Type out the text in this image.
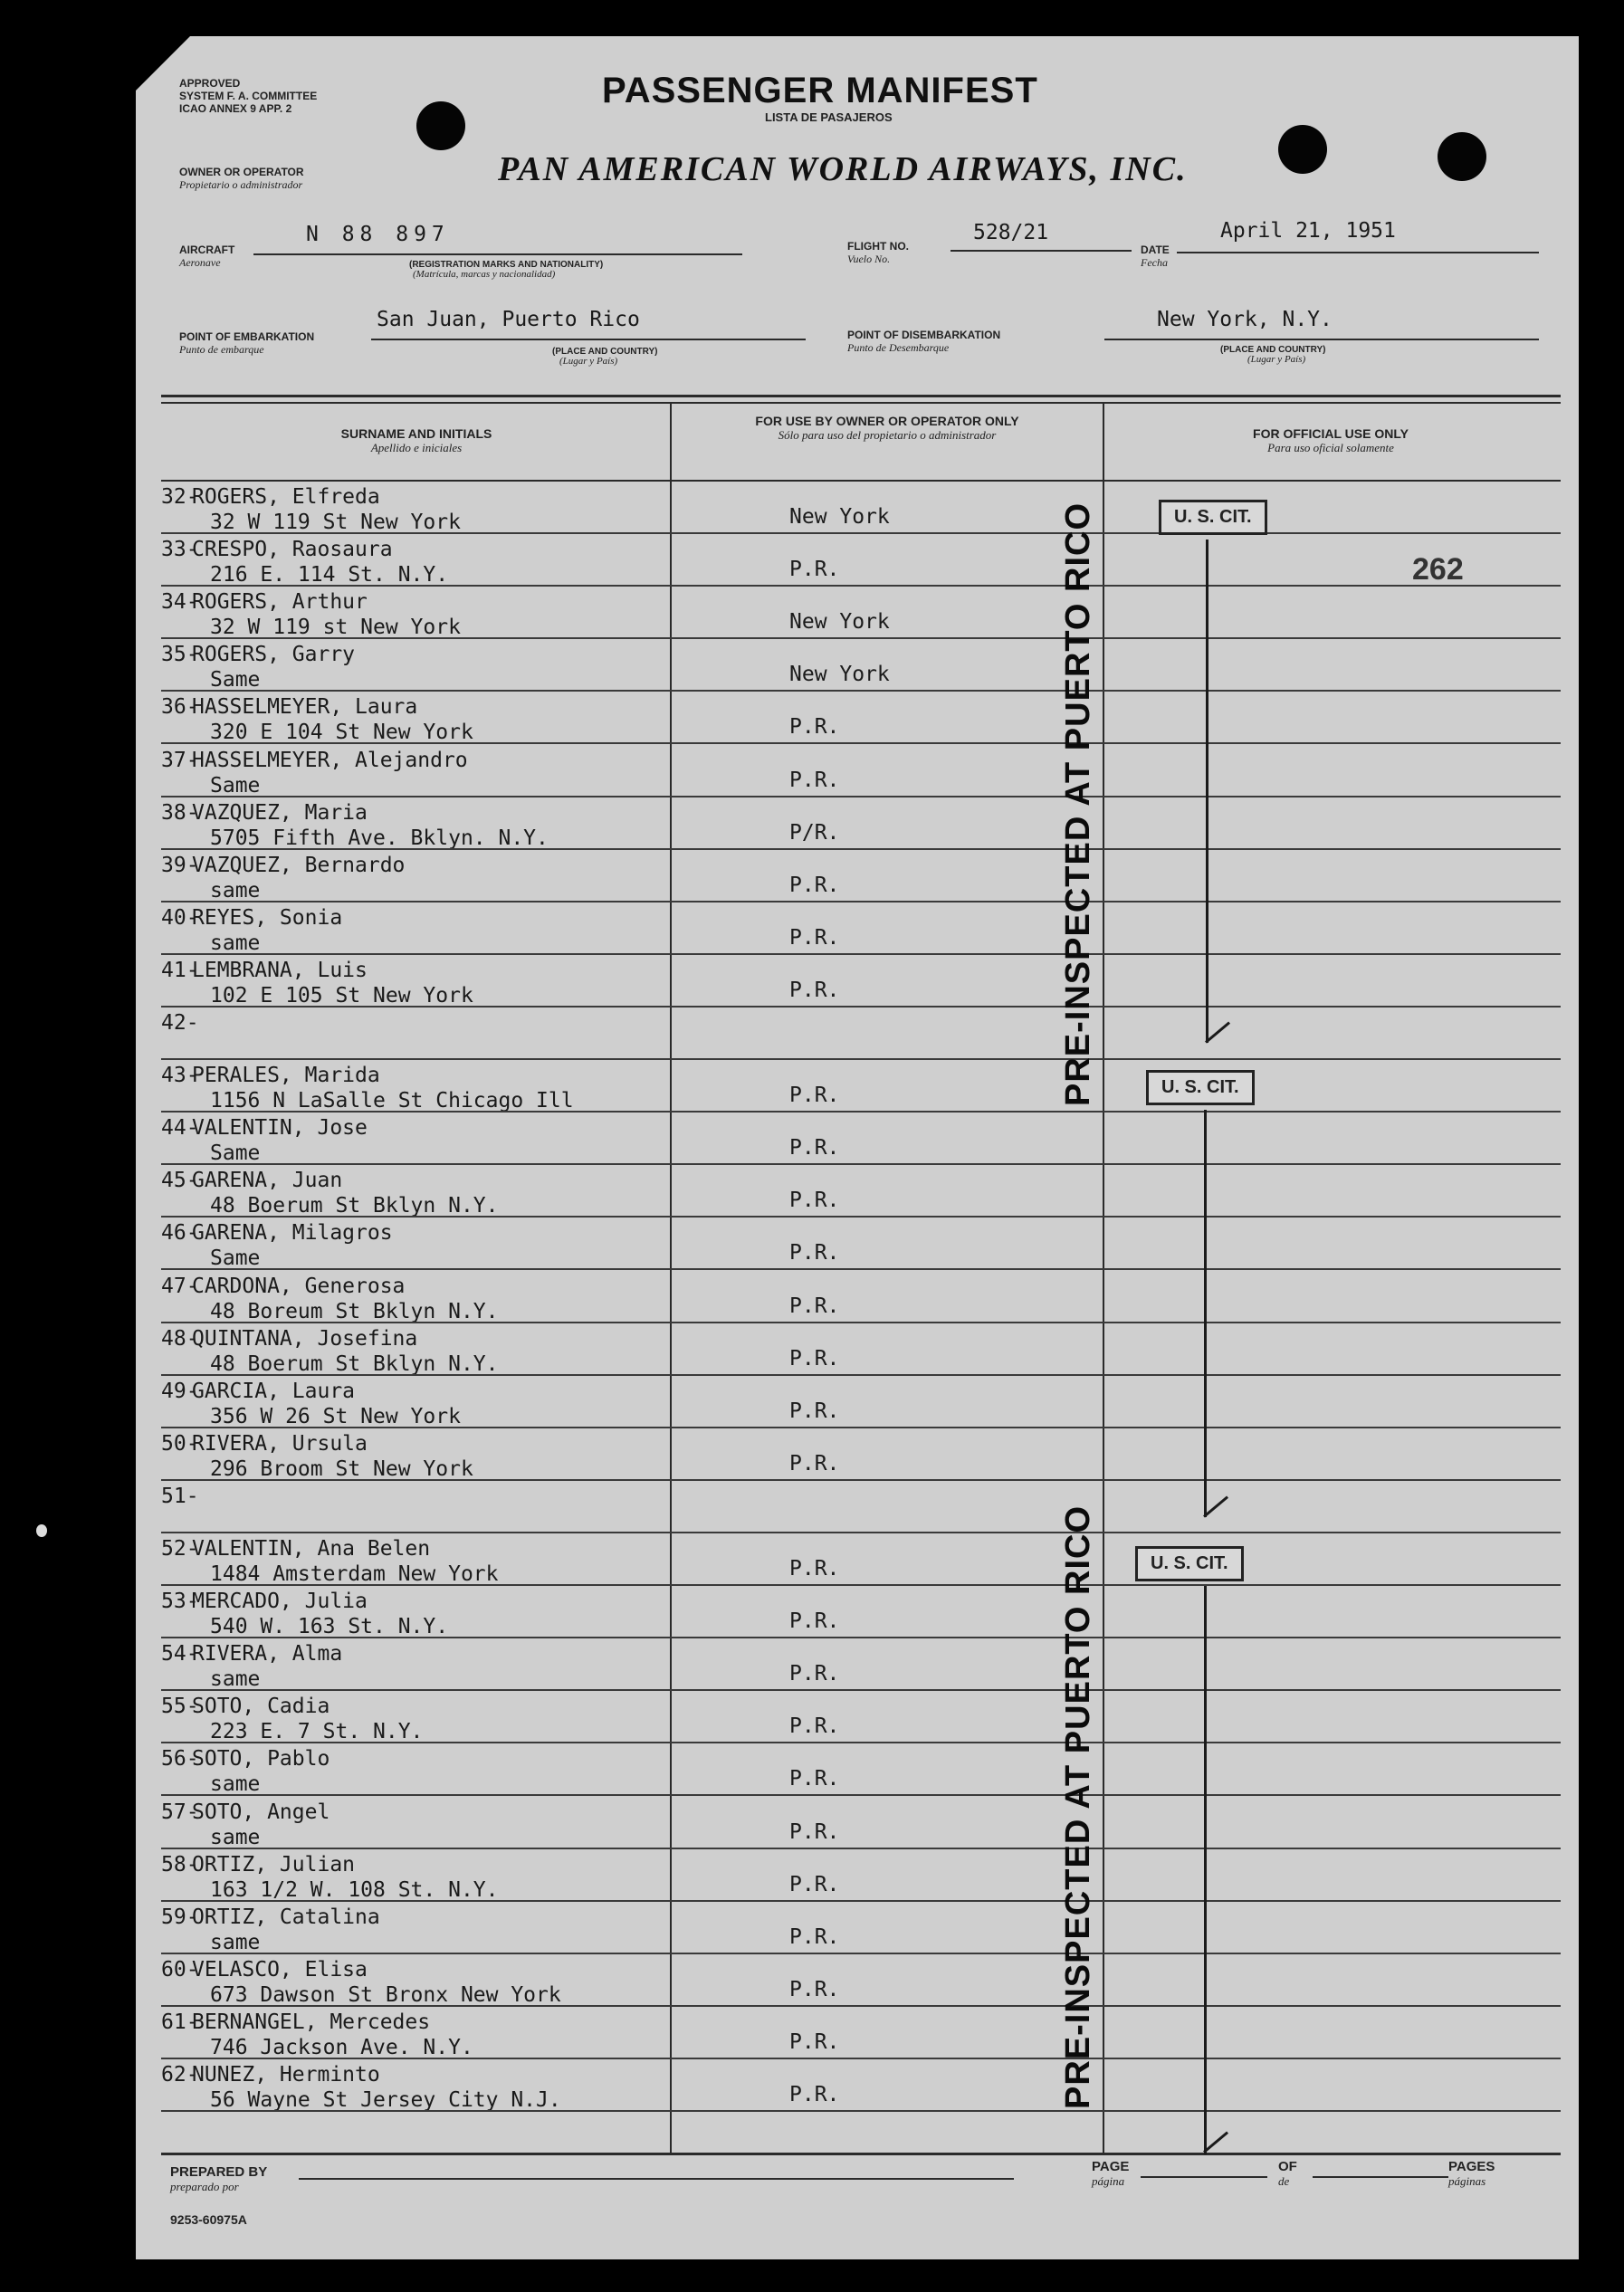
APPROVED
SYSTEM F. A. COMMITTEE
ICAO ANNEX 9 APP. 2	PASSENGER MANIFEST
LISTA DE PASAJEROS
OWNER OR OPERATOR
Propietario o administrador	PAN AMERICAN WORLD AIRWAYS, INC.
AIRCRAFT
Aeronave
N 88 897
(REGISTRATION MARKS AND NATIONALITY)
(Matrícula, marcas y nacionalidad)
FLIGHT NO.
Vuelo No.
528/21
DATE
Fecha
April 21, 1951
San Juan, Puerto Rico
POINT OF EMBARKATION
Punto de embarque	(PLACE AND COUNTRY)
(Lugar y País)
POINT OF DISEMBARKATION
Punto de Desembarque
New York, N.Y.
(PLACE AND COUNTRY)
(Lugar y País)
SURNAME AND INITIALS
Apellido e iniciales
FOR USE BY OWNER OR OPERATOR ONLY
Sólo para uso del propietario o administrador	FOR OFFICIAL USE ONLY
Para uso oficial solamente
32-
ROGERS, Elfreda
32 W 119 St New York	New York
33-
CRESPO, Raosaura
216 E. 114 St. N.Y.	P.R.
34-
ROGERS, Arthur
32 W 119 st New York	New York
35-
ROGERS, Garry
Same	New York
36-
HASSELMEYER, Laura
320 E 104 St New York	P.R.
37-
HASSELMEYER, Alejandro
Same	P.R.
38-
VAZQUEZ, Maria
5705 Fifth Ave. Bklyn. N.Y.	P/R.
39-
VAZQUEZ, Bernardo
same	P.R.
40-
REYES, Sonia
same	P.R.
41-
LEMBRANA, Luis
102 E 105 St New York	P.R.
42-
43-
PERALES, Marida
1156 N LaSalle St Chicago Ill	P.R.
44-
VALENTIN, Jose
Same	P.R.
45-
GARENA, Juan
48 Boerum St Bklyn N.Y.	P.R.
46-
GARENA, Milagros
Same	P.R.
47-
CARDONA, Generosa
48 Boreum St Bklyn N.Y.	P.R.
48-
QUINTANA, Josefina
48 Boerum St Bklyn N.Y.	P.R.
49-
GARCIA, Laura
356 W 26 St New York	P.R.
50-
RIVERA, Ursula
296 Broom St New York	P.R.
51-
52-
VALENTIN, Ana Belen
1484 Amsterdam New York	P.R.
53-
MERCADO, Julia
540 W. 163 St. N.Y.	P.R.
54-
RIVERA, Alma
same	P.R.
55-
SOTO, Cadia
223 E. 7 St. N.Y.	P.R.
56-
SOTO, Pablo
same	P.R.
57-
SOTO, Angel
same	P.R.
58-
ORTIZ, Julian
163 1/2 W. 108 St. N.Y.	P.R.
59-
ORTIZ, Catalina
same	P.R.
60-
VELASCO, Elisa
673 Dawson St Bronx New York	P.R.
61-
BERNANGEL, Mercedes
746 Jackson Ave. N.Y.	P.R.
62-
NUNEZ, Herminto
56 Wayne St Jersey City N.J.	P.R.
PRE-INSPECTED AT PUERTO RICO
PRE-INSPECTED AT PUERTO RICO
U. S. CIT.
U. S. CIT.
U. S. CIT.
262
PREPARED BY
preparado por
PAGE
página
OF
de
PAGES
páginas
9253-60975A
